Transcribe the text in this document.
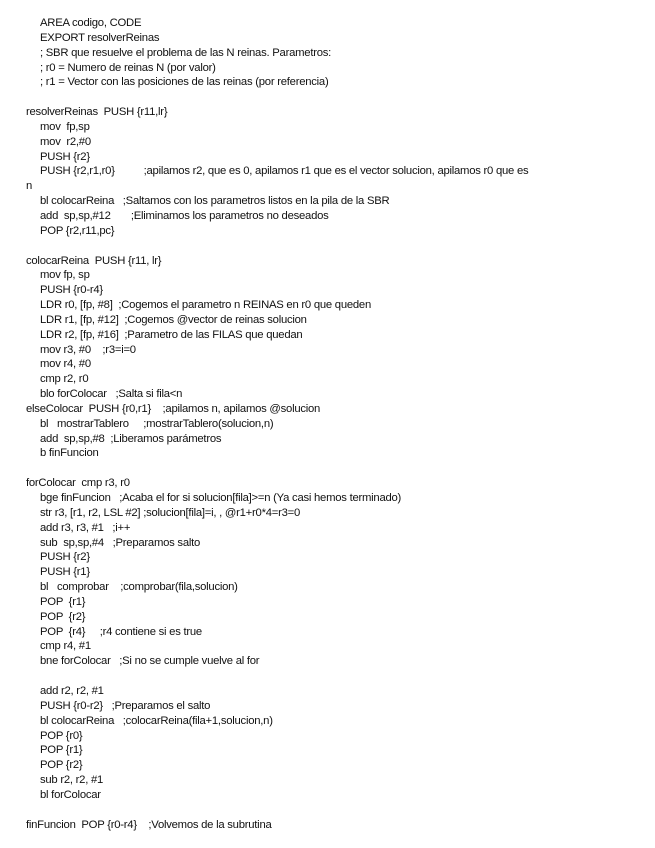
AREA codigo, CODE
EXPORT resolverReinas
; SBR que resuelve el problema de las N reinas. Parametros:
; r0 = Numero de reinas N (por valor)
; r1 = Vector con las posiciones de las reinas (por referencia)
resolverReinas  PUSH {r11,lr}
mov  fp,sp
mov  r2,#0
PUSH {r2}
PUSH {r2,r1,r0}          ;apilamos r2, que es 0, apilamos r1 que es el vector solucion, apilamos r0 que es
n
bl colocarReina   ;Saltamos con los parametros listos en la pila de la SBR
add  sp,sp,#12       ;Eliminamos los parametros no deseados
POP {r2,r11,pc}
colocarReina  PUSH {r11, lr}
mov fp, sp
PUSH {r0-r4}
LDR r0, [fp, #8]  ;Cogemos el parametro n REINAS en r0 que queden
LDR r1, [fp, #12]  ;Cogemos @vector de reinas solucion
LDR r2, [fp, #16]  ;Parametro de las FILAS que quedan
mov r3, #0    ;r3=i=0
mov r4, #0
cmp r2, r0
blo forColocar   ;Salta si fila<n
elseColocar  PUSH {r0,r1}    ;apilamos n, apilamos @solucion
bl   mostrarTablero     ;mostrarTablero(solucion,n)
add  sp,sp,#8  ;Liberamos parámetros
b finFuncion
forColocar  cmp r3, r0
bge finFuncion   ;Acaba el for si solucion[fila]>=n (Ya casi hemos terminado)
str r3, [r1, r2, LSL #2] ;solucion[fila]=i, , @r1+r0*4=r3=0
add r3, r3, #1   ;i++
sub  sp,sp,#4   ;Preparamos salto
PUSH {r2}
PUSH {r1}
bl   comprobar    ;comprobar(fila,solucion)
POP  {r1}
POP  {r2}
POP  {r4}     ;r4 contiene si es true
cmp r4, #1
bne forColocar   ;Si no se cumple vuelve al for
add r2, r2, #1
PUSH {r0-r2}   ;Preparamos el salto
bl colocarReina   ;colocarReina(fila+1,solucion,n)
POP {r0}
POP {r1}
POP {r2}
sub r2, r2, #1
bl forColocar
finFuncion  POP {r0-r4}    ;Volvemos de la subrutina
